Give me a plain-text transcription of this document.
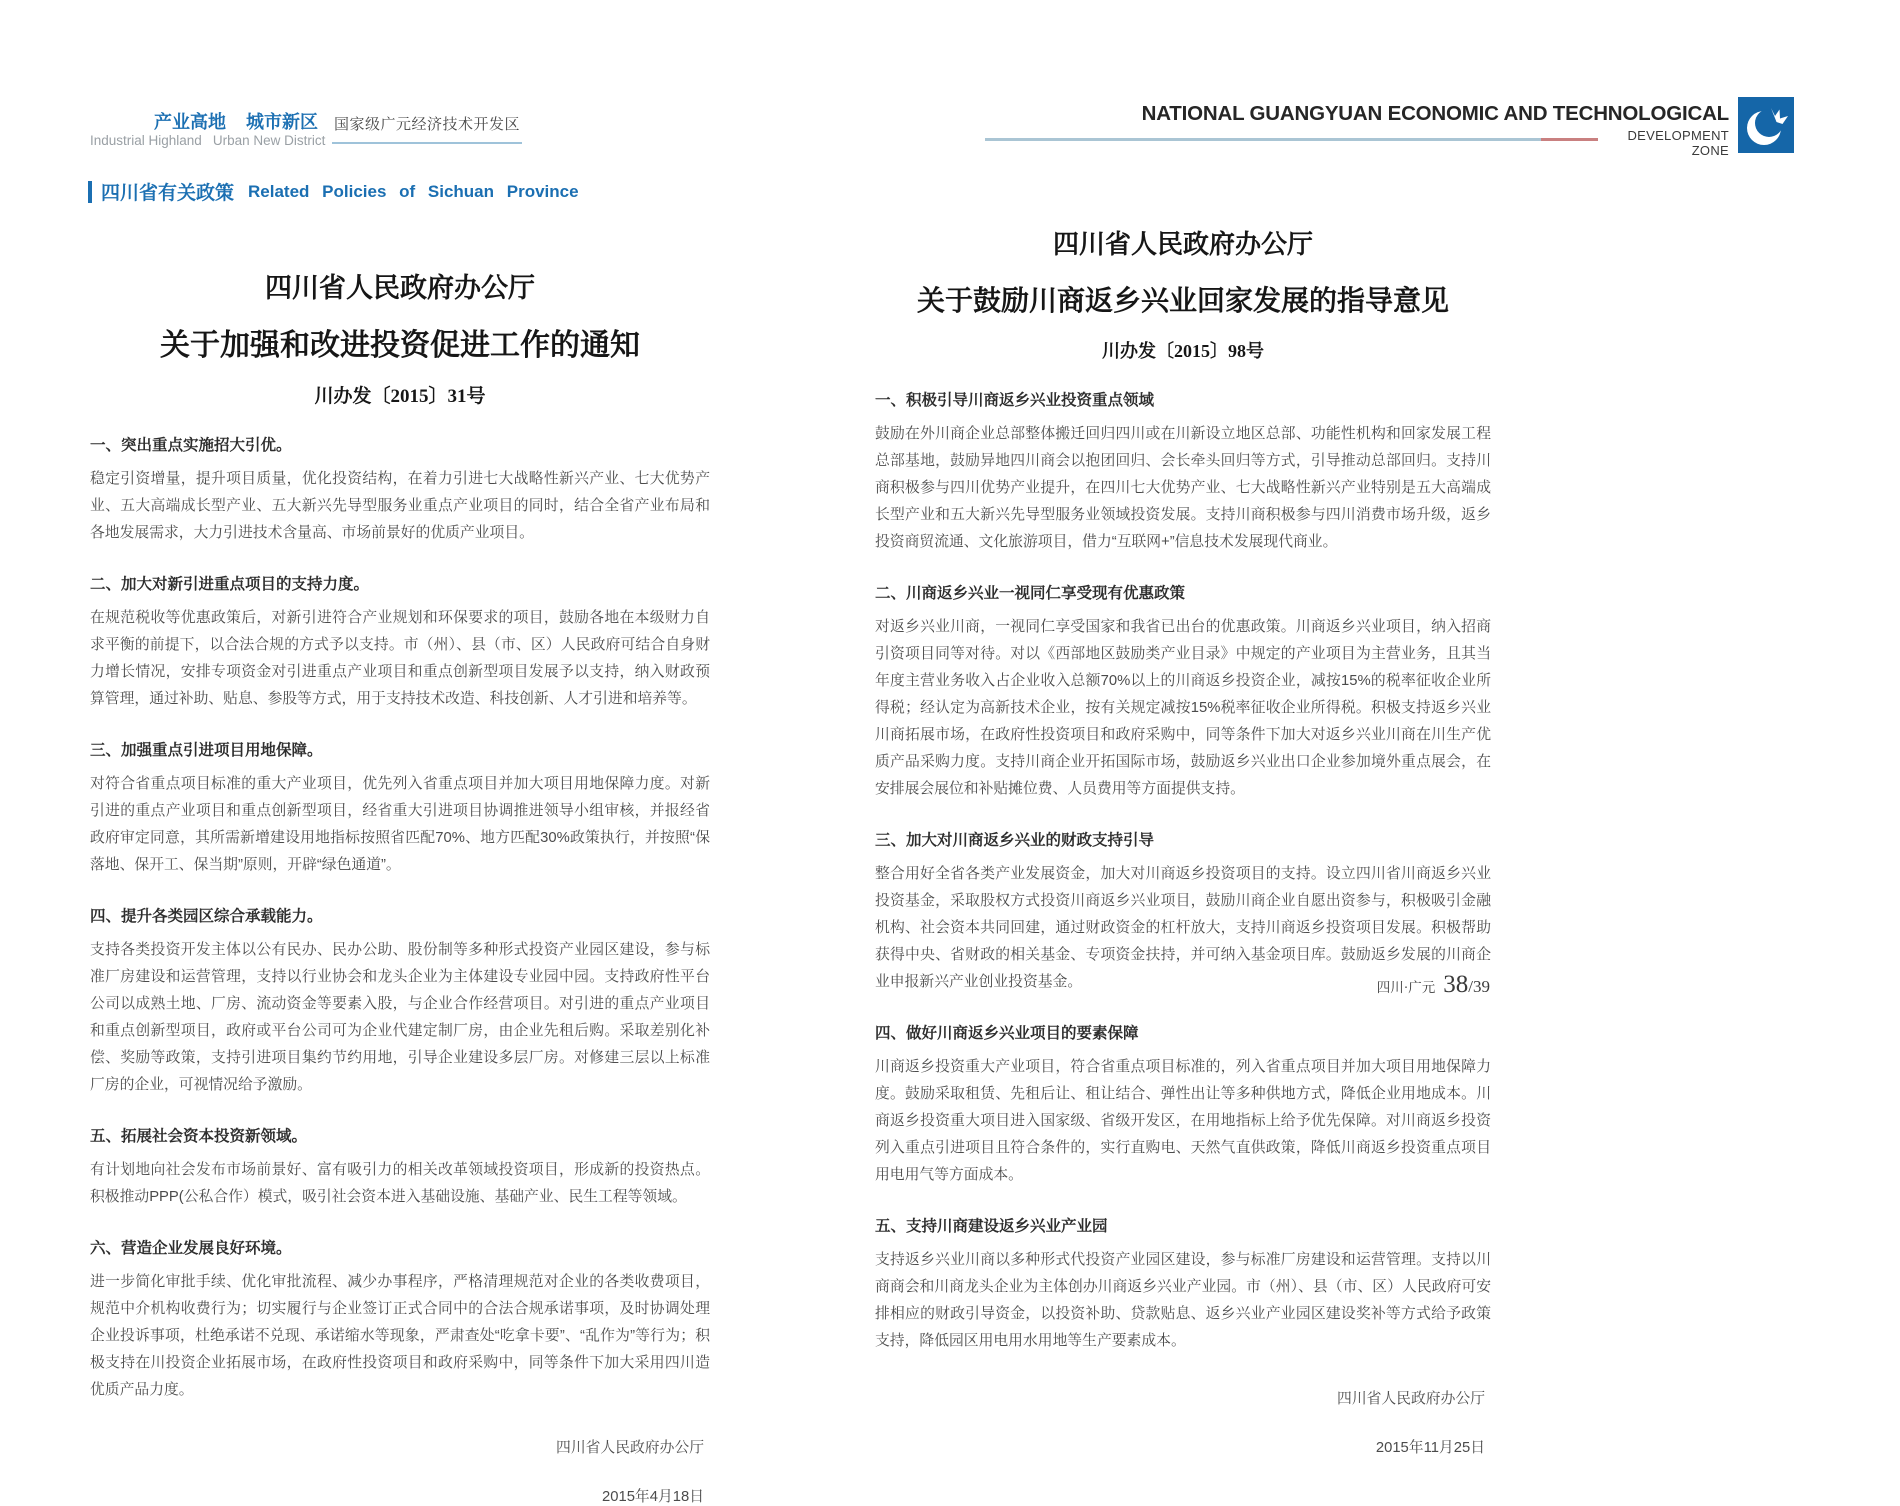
产业高地 城市新区
Industrial Highland Urban New District
国家级广元经济技术开发区	NATIONAL GUANGYUAN ECONOMIC AND TECHNOLOGICAL
DEVELOPMENT ZONE
四川省有关政策 Related Policies of Sichuan Province
四川省人民政府办公厅
关于加强和改进投资促进工作的通知
川办发〔2015〕31号
一、突出重点实施招大引优。

稳定引资增量，提升项目质量，优化投资结构，在着力引进七大战略性新兴产业、七大优势产业、五大高端成长型产业、五大新兴先导型服务业重点产业项目的同时，结合全省产业布局和各地发展需求，大力引进技术含量高、市场前景好的优质产业项目。

二、加大对新引进重点项目的支持力度。

在规范税收等优惠政策后，对新引进符合产业规划和环保要求的项目，鼓励各地在本级财力自求平衡的前提下，以合法合规的方式予以支持。市（州）、县（市、区）人民政府可结合自身财力增长情况，安排专项资金对引进重点产业项目和重点创新型项目发展予以支持，纳入财政预算管理，通过补助、贴息、参股等方式，用于支持技术改造、科技创新、人才引进和培养等。

三、加强重点引进项目用地保障。

对符合省重点项目标准的重大产业项目，优先列入省重点项目并加大项目用地保障力度。对新引进的重点产业项目和重点创新型项目，经省重大引进项目协调推进领导小组审核，并报经省政府审定同意，其所需新增建设用地指标按照省匹配70%、地方匹配30%政策执行，并按照“保落地、保开工、保当期”原则，开辟“绿色通道”。

四、提升各类园区综合承载能力。

支持各类投资开发主体以公有民办、民办公助、股份制等多种形式投资产业园区建设，参与标准厂房建设和运营管理，支持以行业协会和龙头企业为主体建设专业园中园。支持政府性平台公司以成熟土地、厂房、流动资金等要素入股，与企业合作经营项目。对引进的重点产业项目和重点创新型项目，政府或平台公司可为企业代建定制厂房，由企业先租后购。采取差别化补偿、奖励等政策，支持引进项目集约节约用地，引导企业建设多层厂房。对修建三层以上标准厂房的企业，可视情况给予激励。

五、拓展社会资本投资新领域。

有计划地向社会发布市场前景好、富有吸引力的相关改革领域投资项目，形成新的投资热点。积极推动PPP(公私合作）模式，吸引社会资本进入基础设施、基础产业、民生工程等领域。

六、营造企业发展良好环境。

进一步简化审批手续、优化审批流程、减少办事程序，严格清理规范对企业的各类收费项目，规范中介机构收费行为；切实履行与企业签订正式合同中的合法合规承诺事项，及时协调处理企业投诉事项，杜绝承诺不兑现、承诺缩水等现象，严肃查处“吃拿卡要”、“乱作为”等行为；积极支持在川投资企业拓展市场，在政府性投资项目和政府采购中，同等条件下加大采用四川造优质产品力度。

四川省人民政府办公厅
2015年4月18日
四川省人民政府办公厅
关于鼓励川商返乡兴业回家发展的指导意见
川办发〔2015〕98号
一、积极引导川商返乡兴业投资重点领域

鼓励在外川商企业总部整体搬迁回归四川或在川新设立地区总部、功能性机构和回家发展工程总部基地，鼓励异地四川商会以抱团回归、会长牵头回归等方式，引导推动总部回归。支持川商积极参与四川优势产业提升，在四川七大优势产业、七大战略性新兴产业特别是五大高端成长型产业和五大新兴先导型服务业领域投资发展。支持川商积极参与四川消费市场升级，返乡投资商贸流通、文化旅游项目，借力“互联网+”信息技术发展现代商业。

二、川商返乡兴业一视同仁享受现有优惠政策

对返乡兴业川商，一视同仁享受国家和我省已出台的优惠政策。川商返乡兴业项目，纳入招商引资项目同等对待。对以《西部地区鼓励类产业目录》中规定的产业项目为主营业务，且其当年度主营业务收入占企业收入总额70%以上的川商返乡投资企业，减按15%的税率征收企业所得税；经认定为高新技术企业，按有关规定减按15%税率征收企业所得税。积极支持返乡兴业川商拓展市场，在政府性投资项目和政府采购中，同等条件下加大对返乡兴业川商在川生产优质产品采购力度。支持川商企业开拓国际市场，鼓励返乡兴业出口企业参加境外重点展会，在安排展会展位和补贴摊位费、人员费用等方面提供支持。

三、加大对川商返乡兴业的财政支持引导

整合用好全省各类产业发展资金，加大对川商返乡投资项目的支持。设立四川省川商返乡兴业投资基金，采取股权方式投资川商返乡兴业项目，鼓励川商企业自愿出资参与，积极吸引金融机构、社会资本共同回建，通过财政资金的杠杆放大，支持川商返乡投资项目发展。积极帮助获得中央、省财政的相关基金、专项资金扶持，并可纳入基金项目库。鼓励返乡发展的川商企业申报新兴产业创业投资基金。

四、做好川商返乡兴业项目的要素保障

川商返乡投资重大产业项目，符合省重点项目标准的，列入省重点项目并加大项目用地保障力度。鼓励采取租赁、先租后让、租让结合、弹性出让等多种供地方式，降低企业用地成本。川商返乡投资重大项目进入国家级、省级开发区，在用地指标上给予优先保障。对川商返乡投资列入重点引进项目且符合条件的，实行直购电、天然气直供政策，降低川商返乡投资重点项目用电用气等方面成本。

五、支持川商建设返乡兴业产业园

支持返乡兴业川商以多种形式代投资产业园区建设，参与标准厂房建设和运营管理。支持以川商商会和川商龙头企业为主体创办川商返乡兴业产业园。市（州）、县（市、区）人民政府可安排相应的财政引导资金，以投资补助、贷款贴息、返乡兴业产业园区建设奖补等方式给予政策支持，降低园区用电用水用地等生产要素成本。

四川省人民政府办公厅
2015年11月25日
四川·广元 38/39
